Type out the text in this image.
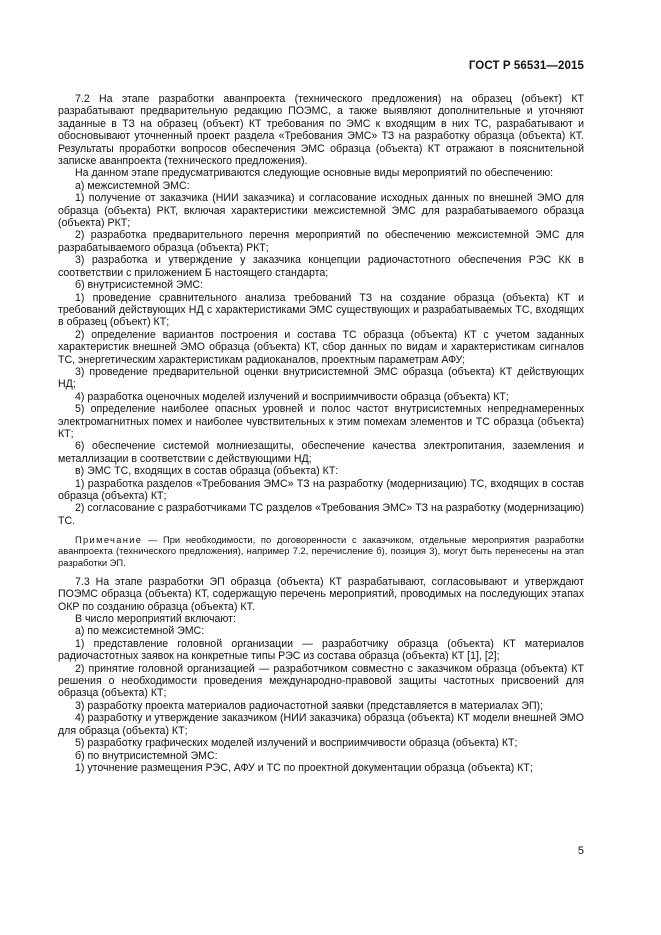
ГОСТ Р 56531—2015

7.2 На этапе разработки аванпроекта (технического предложения) на образец (объект) КТ разрабатывают предварительную редакцию ПОЭМС, а также выявляют дополнительные и уточняют заданные в ТЗ на образец (объект) КТ требования по ЭМС к входящим в них ТС, разрабатывают и обосновывают уточненный проект раздела «Требования ЭМС» ТЗ на разработку образца (объекта) КТ. Результаты проработки вопросов обеспечения ЭМС образца (объекта) КТ отражают в пояснительной записке аванпроекта (технического предложения).

На данном этапе предусматриваются следующие основные виды мероприятий по обеспечению:

а) межсистемной ЭМС:

1) получение от заказчика (НИИ заказчика) и согласование исходных данных по внешней ЭМО для образца (объекта) РКТ, включая характеристики межсистемной ЭМС для разрабатываемого образца (объекта) РКТ;

2) разработка предварительного перечня мероприятий по обеспечению межсистемной ЭМС для разрабатываемого образца (объекта) РКТ;

3) разработка и утверждение у заказчика концепции радиочастотного обеспечения РЭС КК в соответствии с приложением Б настоящего стандарта;

б) внутрисистемной ЭМС:

1) проведение сравнительного анализа требований ТЗ на создание образца (объекта) КТ и требований действующих НД с характеристиками ЭМС существующих и разрабатываемых ТС, входящих в образец (объект) КТ;

2) определение вариантов построения и состава ТС образца (объекта) КТ с учетом заданных характеристик внешней ЭМО образца (объекта) КТ, сбор данных по видам и характеристикам сигналов ТС, энергетическим характеристикам радиоканалов, проектным параметрам АФУ;

3) проведение предварительной оценки внутрисистемной ЭМС образца (объекта) КТ действующих НД;

4) разработка оценочных моделей излучений и восприимчивости образца (объекта) КТ;

5) определение наиболее опасных уровней и полос частот внутрисистемных непреднамеренных электромагнитных помех и наиболее чувствительных к этим помехам элементов и ТС образца (объекта) КТ;

6) обеспечение системой молниезащиты, обеспечение качества электропитания, заземления и металлизации в соответствии с действующими НД;

в) ЭМС ТС, входящих в состав образца (объекта) КТ:

1) разработка разделов «Требования ЭМС» ТЗ на разработку (модернизацию) ТС, входящих в состав образца (объекта) КТ;

2) согласование с разработчиками ТС разделов «Требования ЭМС» ТЗ на разработку (модернизацию) ТС.

Примечание — При необходимости, по договоренности с заказчиком, отдельные мероприятия разработки аванпроекта (технического предложения), например 7.2, перечисление б), позиция 3), могут быть перенесены на этап разработки ЭП.

7.3 На этапе разработки ЭП образца (объекта) КТ разрабатывают, согласовывают и утверждают ПОЭМС образца (объекта) КТ, содержащую перечень мероприятий, проводимых на последующих этапах ОКР по созданию образца (объекта) КТ.

В число мероприятий включают:

а) по межсистемной ЭМС:

1) представление головной организации — разработчику образца (объекта) КТ материалов радиочастотных заявок на конкретные типы РЭС из состава образца (объекта) КТ [1], [2];

2) принятие головной организацией — разработчиком совместно с заказчиком образца (объекта) КТ решения о необходимости проведения международно-правовой защиты частотных присвоений для образца (объекта) КТ;

3) разработку проекта материалов радиочастотной заявки (представляется в материалах ЭП);

4) разработку и утверждение заказчиком (НИИ заказчика) образца (объекта) КТ модели внешней ЭМО для образца (объекта) КТ;

5) разработку графических моделей излучений и восприимчивости образца (объекта) КТ;

б) по внутрисистемной ЭМС:

1) уточнение размещения РЭС, АФУ и ТС по проектной документации образца (объекта) КТ;

5
